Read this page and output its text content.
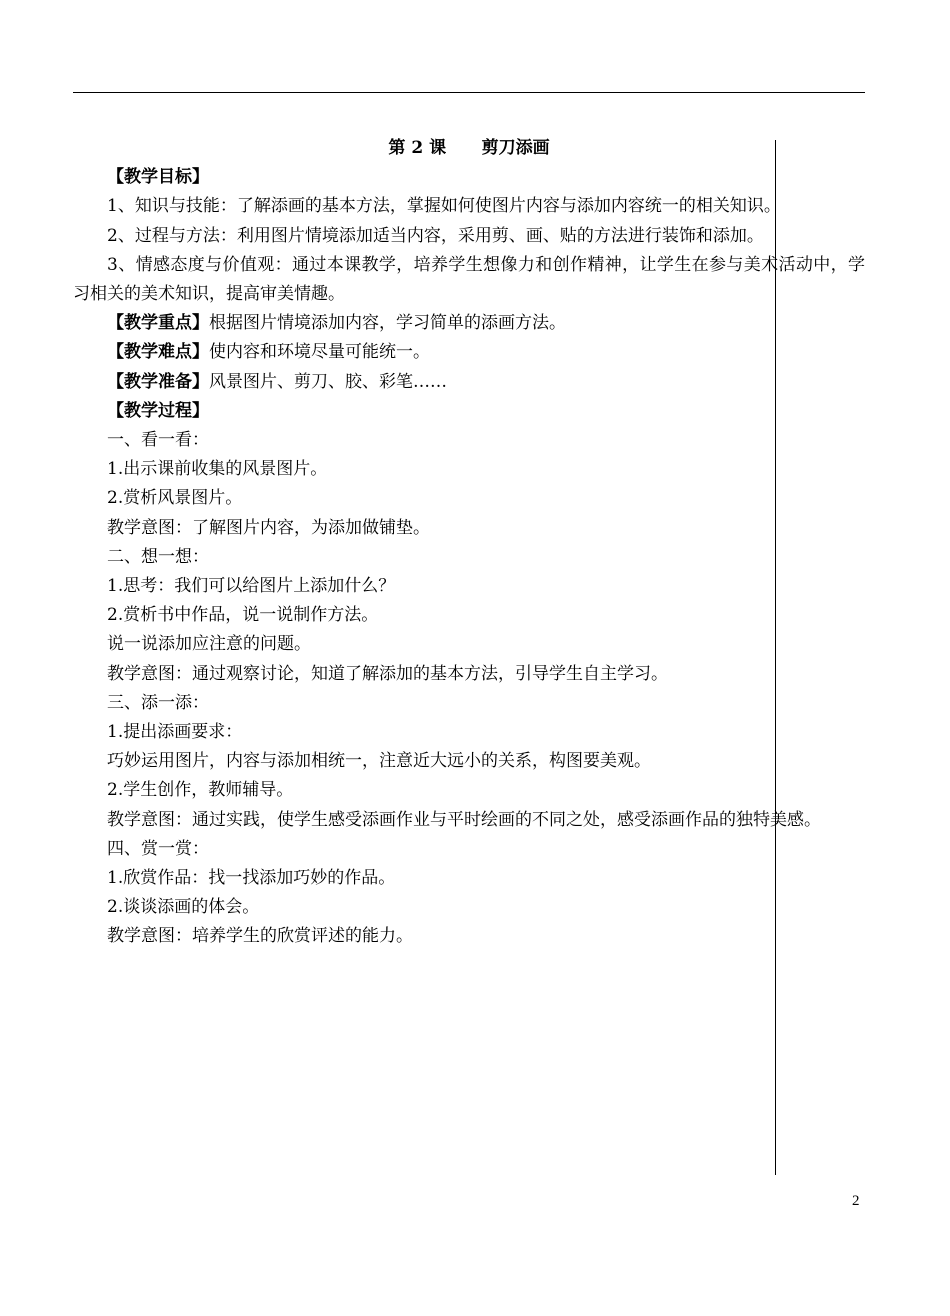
第 2 课      剪刀添画

【教学目标】

1、知识与技能：了解添画的基本方法，掌握如何使图片内容与添加内容统一的相关知识。

2、过程与方法：利用图片情境添加适当内容，采用剪、画、贴的方法进行装饰和添加。

3、情感态度与价值观：通过本课教学，培养学生想像力和创作精神，让学生在参与美术活动中，学习相关的美术知识，提高审美情趣。

【教学重点】根据图片情境添加内容，学习简单的添画方法。

【教学难点】使内容和环境尽量可能统一。

【教学准备】风景图片、剪刀、胶、彩笔……

【教学过程】

一、看一看：

1.出示课前收集的风景图片。

2.赏析风景图片。

教学意图：了解图片内容，为添加做铺垫。

二、想一想：

1.思考：我们可以给图片上添加什么？

2.赏析书中作品，说一说制作方法。

说一说添加应注意的问题。

教学意图：通过观察讨论，知道了解添加的基本方法，引导学生自主学习。

三、添一添：

1.提出添画要求：

巧妙运用图片，内容与添加相统一，注意近大远小的关系，构图要美观。

2.学生创作，教师辅导。

教学意图：通过实践，使学生感受添画作业与平时绘画的不同之处，感受添画作品的独特美感。

四、赏一赏：

1.欣赏作品：找一找添加巧妙的作品。

2.谈谈添画的体会。

教学意图：培养学生的欣赏评述的能力。

2
